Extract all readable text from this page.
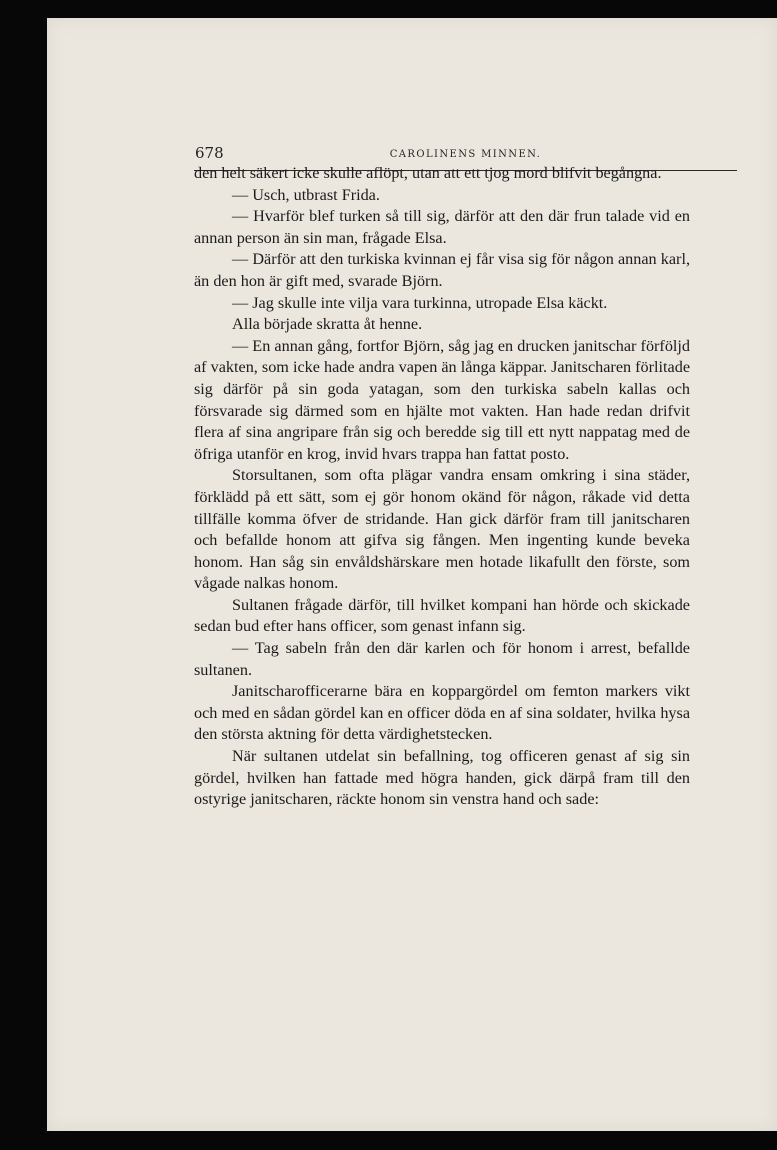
678	CAROLINENS MINNEN.

den helt säkert icke skulle aflöpt, utan att ett tjog mord blifvit begångna.

— Usch, utbrast Frida.

— Hvarför blef turken så till sig, därför att den där frun talade vid en annan person än sin man, frågade Elsa.

— Därför att den turkiska kvinnan ej får visa sig för någon annan karl, än den hon är gift med, svarade Björn.

— Jag skulle inte vilja vara turkinna, utropade Elsa käckt.

Alla började skratta åt henne.

— En annan gång, fortfor Björn, såg jag en drucken janitschar förföljd af vakten, som icke hade andra vapen än långa käppar. Janitscharen förlitade sig därför på sin goda yatagan, som den turkiska sabeln kallas och försvarade sig därmed som en hjälte mot vakten. Han hade redan drifvit flera af sina angripare från sig och beredde sig till ett nytt nappatag med de öfriga utanför en krog, invid hvars trappa han fattat posto.

Storsultanen, som ofta plägar vandra ensam omkring i sina städer, förklädd på ett sätt, som ej gör honom okänd för någon, råkade vid detta tillfälle komma öfver de stridande. Han gick därför fram till janitscharen och befallde honom att gifva sig fången. Men ingenting kunde beveka honom. Han såg sin envåldshärskare men hotade likafullt den förste, som vågade nalkas honom.

Sultanen frågade därför, till hvilket kompani han hörde och skickade sedan bud efter hans officer, som genast infann sig.

— Tag sabeln från den där karlen och för honom i arrest, befallde sultanen.

Janitscharofficerarne bära en koppargördel om femton markers vikt och med en sådan gördel kan en officer döda en af sina soldater, hvilka hysa den största aktning för detta värdighetstecken.

När sultanen utdelat sin befallning, tog officeren genast af sig sin gördel, hvilken han fattade med högra handen, gick därpå fram till den ostyrige janitscharen, räckte honom sin venstra hand och sade:
